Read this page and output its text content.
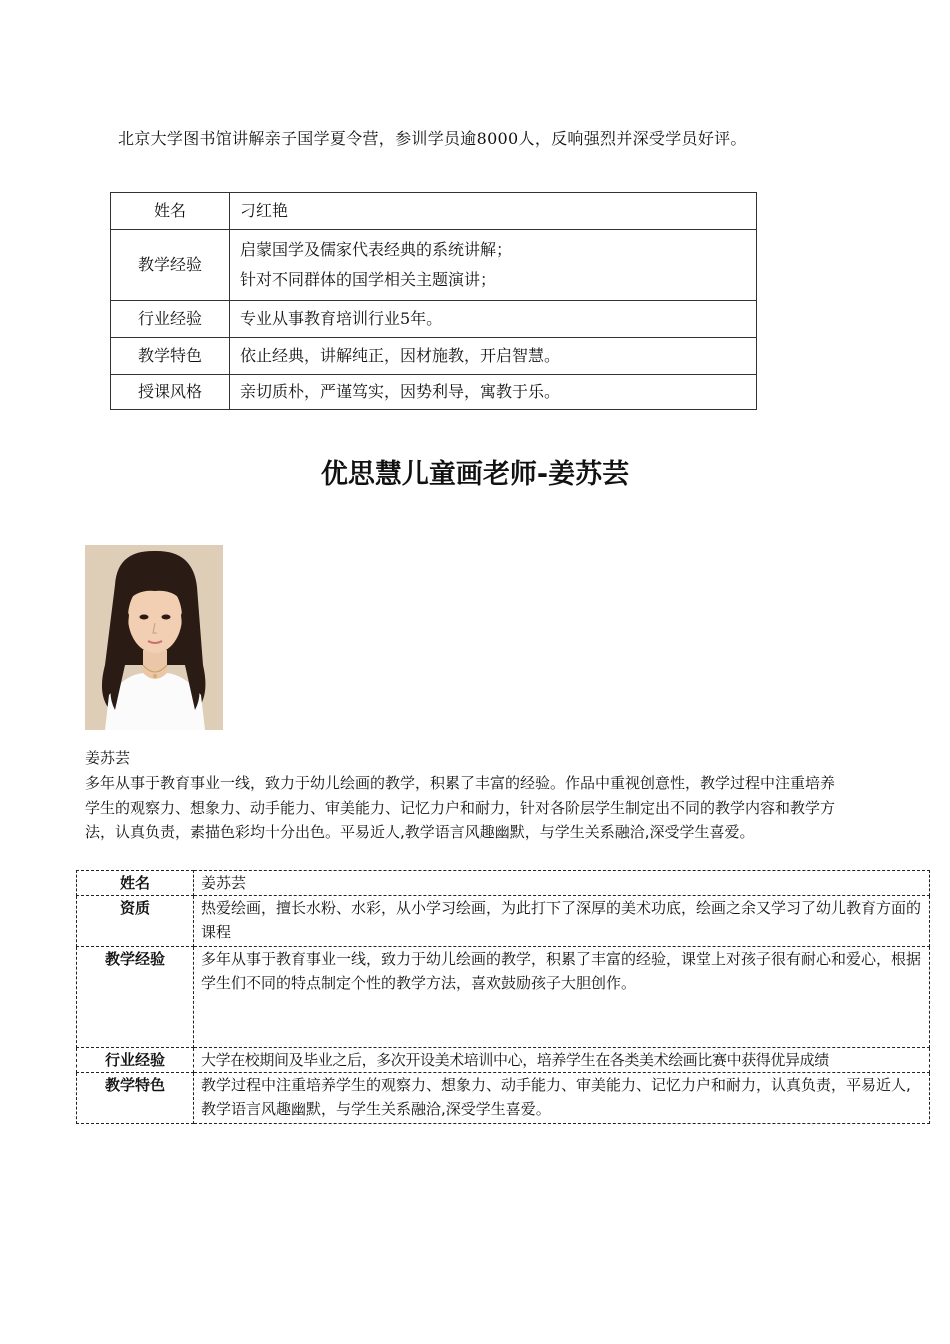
北京大学图书馆讲解亲子国学夏令营，参训学员逾8000人，反响强烈并深受学员好评。
姓名	刁红艳
教学经验	启蒙国学及儒家代表经典的系统讲解；
针对不同群体的国学相关主题演讲；

行业经验	专业从事教育培训行业5年。
教学特色	依止经典，讲解纯正，因材施教，开启智慧。
授课风格	亲切质朴，严谨笃实，因势利导，寓教于乐。
优思慧儿童画老师-姜苏芸
姜苏芸
多年从事于教育事业一线，致力于幼儿绘画的教学，积累了丰富的经验。作品中重视创意性，教学过程中注重培养学生的观察力、想象力、动手能力、审美能力、记忆力户和耐力，针对各阶层学生制定出不同的教学内容和教学方法，认真负责，素描色彩均十分出色。平易近人,教学语言风趣幽默，与学生关系融洽,深受学生喜爱。
姓名	姜苏芸
资质	热爱绘画，擅长水粉、水彩，从小学习绘画，为此打下了深厚的美术功底，绘画之余又学习了幼儿教育方面的课程
教学经验	多年从事于教育事业一线，致力于幼儿绘画的教学，积累了丰富的经验，课堂上对孩子很有耐心和爱心，根据学生们不同的特点制定个性的教学方法，喜欢鼓励孩子大胆创作。
行业经验	大学在校期间及毕业之后，多次开设美术培训中心，培养学生在各类美术绘画比赛中获得优异成绩
教学特色	教学过程中注重培养学生的观察力、想象力、动手能力、审美能力、记忆力户和耐力，认真负责，平易近人,教学语言风趣幽默，与学生关系融洽,深受学生喜爱。
